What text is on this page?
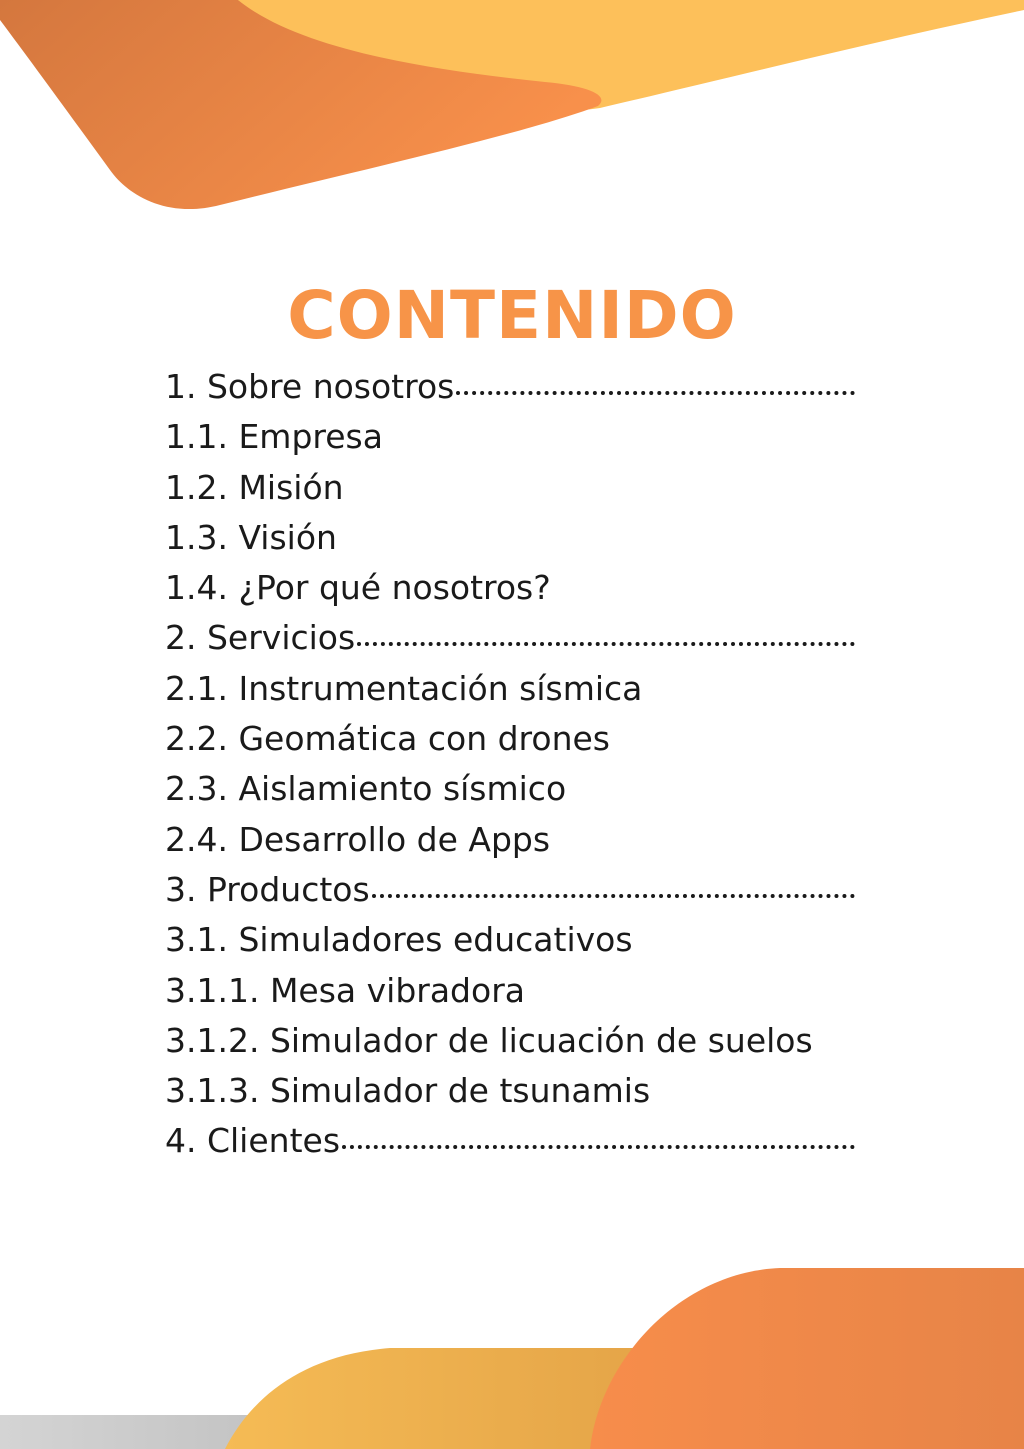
CONTENIDO
1. Sobre nosotros
1.1. Empresa
1.2. Misión
1.3. Visión
1.4. ¿Por qué nosotros?
2. Servicios
2.1. Instrumentación sísmica
2.2. Geomática con drones
2.3. Aislamiento sísmico
2.4. Desarrollo de Apps
3. Productos
3.1. Simuladores educativos
3.1.1. Mesa vibradora
3.1.2. Simulador de licuación de suelos
3.1.3. Simulador de tsunamis
4. Clientes
